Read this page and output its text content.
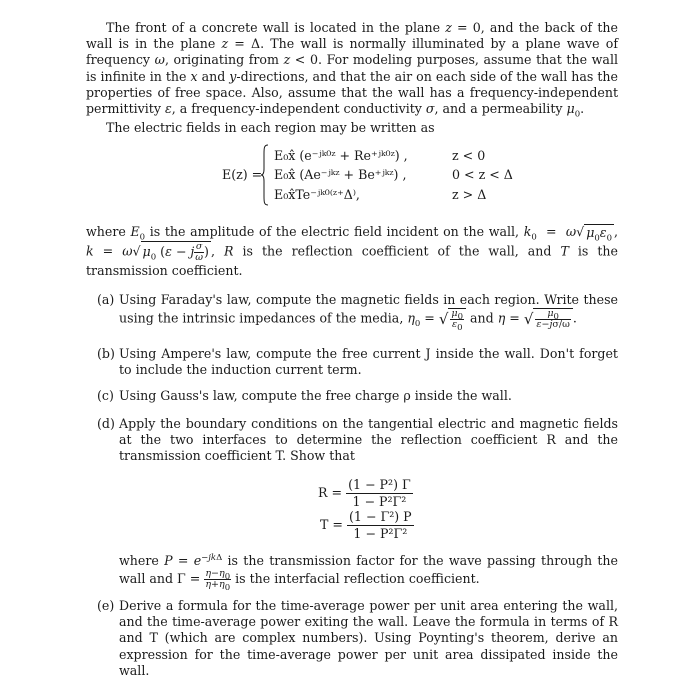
The front of a concrete wall is located in the plane z = 0, and the back of the wall is in the plane z = Δ. The wall is normally illuminated by a plane wave of frequency ω, originating from z < 0. For modeling purposes, assume that the wall is infinite in the x and y-directions, and that the air on each side of the wall has the properties of free space. Also, assume that the wall has a frequency-independent permittivity ε, a frequency-independent conductivity σ, and a permeability $\mu_0$.
The electric fields in each region may be written as
E(z) =
E₀x̂ (e⁻ʲᵏ⁰ᶻ + Re⁺ʲᵏ⁰ᶻ) ,	z < 0
E₀x̂ (Ae⁻ʲᵏᶻ + Be⁺ʲᵏᶻ) ,	0 < z < Δ
E₀x̂Te⁻ʲᵏ⁰⁽ᶻ⁺Δ⁾,	z > Δ
where $E_0$ is the amplitude of the electric field incident on the wall, $k_0 = \omega√$ $\mu_0\varepsilon_0$ , k = ω√ $\mu_0$ (ε − j $\frac{\sigma}{\omega}$ ) , R is the reflection coefficient of the wall, and T is the transmission coefficient.
(a) Using Faraday's law, compute the magnetic fields in each region. Write these using the intrinsic impedances of the media, $\eta_0$ = √ $\frac{\mu_0}{\varepsilon_0}$ and η = √ $\frac{\mu_0}{\varepsilon-j\sigma/\omega}$ .
(b) Using Ampere's law, compute the free current J inside the wall. Don't forget to include the induction current term.
(c) Using Gauss's law, compute the free charge ρ inside the wall.
(d) Apply the boundary conditions on the tangential electric and magnetic fields at the two interfaces to determine the reflection coefficient R and the transmission coefficient T. Show that
$R = \frac{\text{(1 − P²) Γ}}{\text{1 − P²Γ²}}$
$T = \frac{\text{(1 − Γ²) P}}{\text{1 − P²Γ²}}$
where $P = e^{-jk\Delta}$ is the transmission factor for the wave passing through the wall and $\Gamma = \frac{\eta-\eta_0}{\eta+\eta_0}$ is the interfacial reflection coefficient.
(e) Derive a formula for the time-average power per unit area entering the wall, and the time-average power exiting the wall. Leave the formula in terms of R and T (which are complex numbers). Using Poynting's theorem, derive an expression for the time-average power per unit area dissipated inside the wall.
